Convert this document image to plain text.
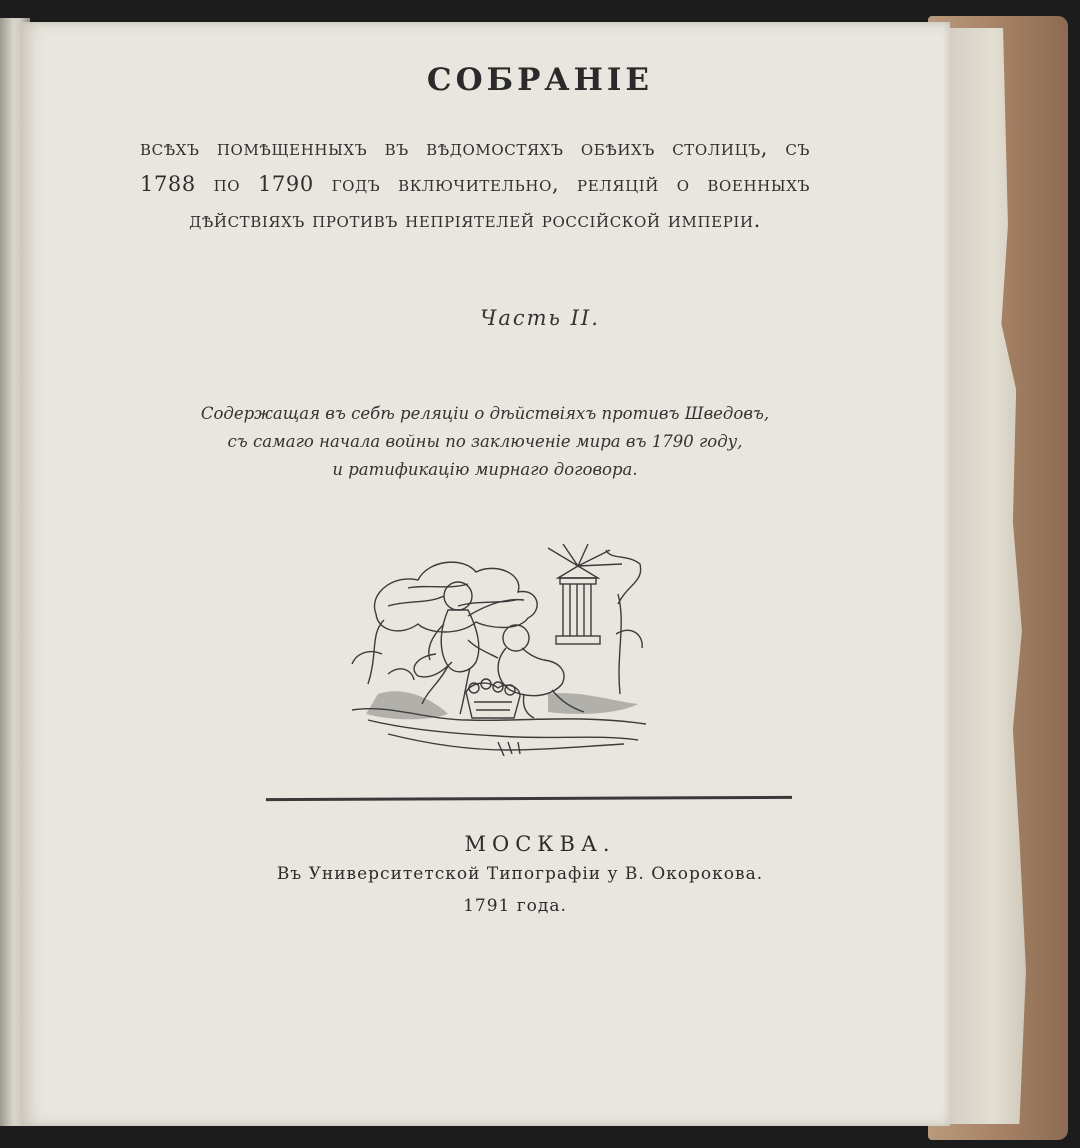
СОБРАНІЕ

всѣхъ помѣщенныхъ въ вѣдомостяхъ обѣихъ столицъ, съ 1788 по 1790 годъ включительно, реляцій о военныхъ дѣйствіяхъ противъ непріятелей россійской имперіи.

Часть II.
Содержащая въ себѣ реляціи о дѣйствіяхъ противъ Шведовъ,
съ самаго начала войны по заключеніе мира въ 1790 году,
и ратификацію мирнаго договора.
МОСКВА.
Въ Университетской Типографіи у В. Окорокова.
1791 года.
